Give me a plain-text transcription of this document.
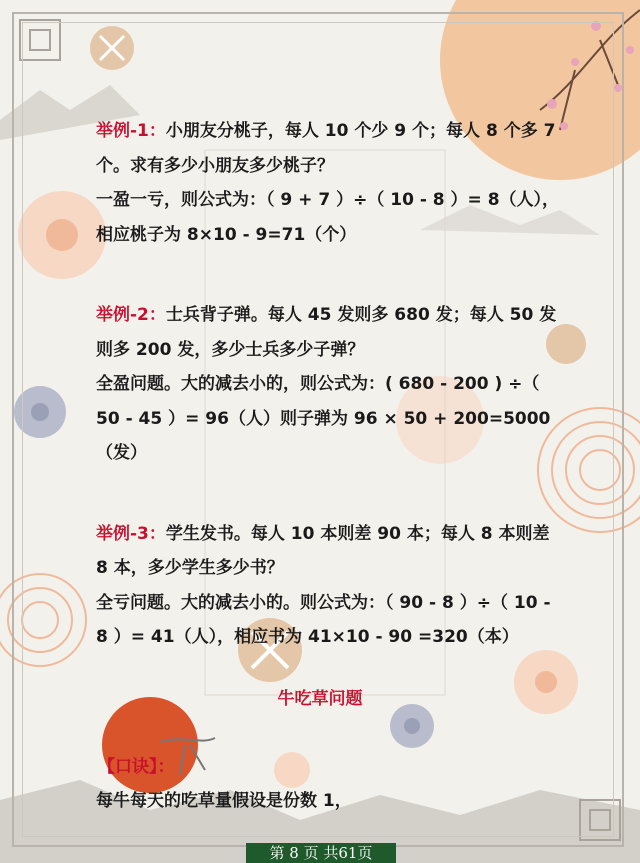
举例-1：小朋友分桃子，每人 10 个少 9 个；每人 8 个多 7 个。求有多少小朋友多少桃子？
一盈一亏，则公式为：（ 9 + 7 ）÷（ 10 - 8 ）= 8（人），相应桃子为 8×10 - 9=71（个）

举例-2：士兵背子弹。每人 45 发则多 680 发；每人 50 发则多 200 发，多少士兵多少子弹？
全盈问题。大的减去小的，则公式为：( 680 - 200 ) ÷（ 50 - 45 ）= 96（人）则子弹为 96 × 50 + 200=5000（发）

举例-3：学生发书。每人 10 本则差 90 本；每人 8 本则差 8 本，多少学生多少书？
全亏问题。大的减去小的。则公式为：（ 90 - 8 ）÷（ 10 - 8 ）= 41（人），相应书为 41×10 - 90 =320（本）

牛吃草问题
【口诀】：
每牛每天的吃草量假设是份数 1，
第 8 页 共61页
